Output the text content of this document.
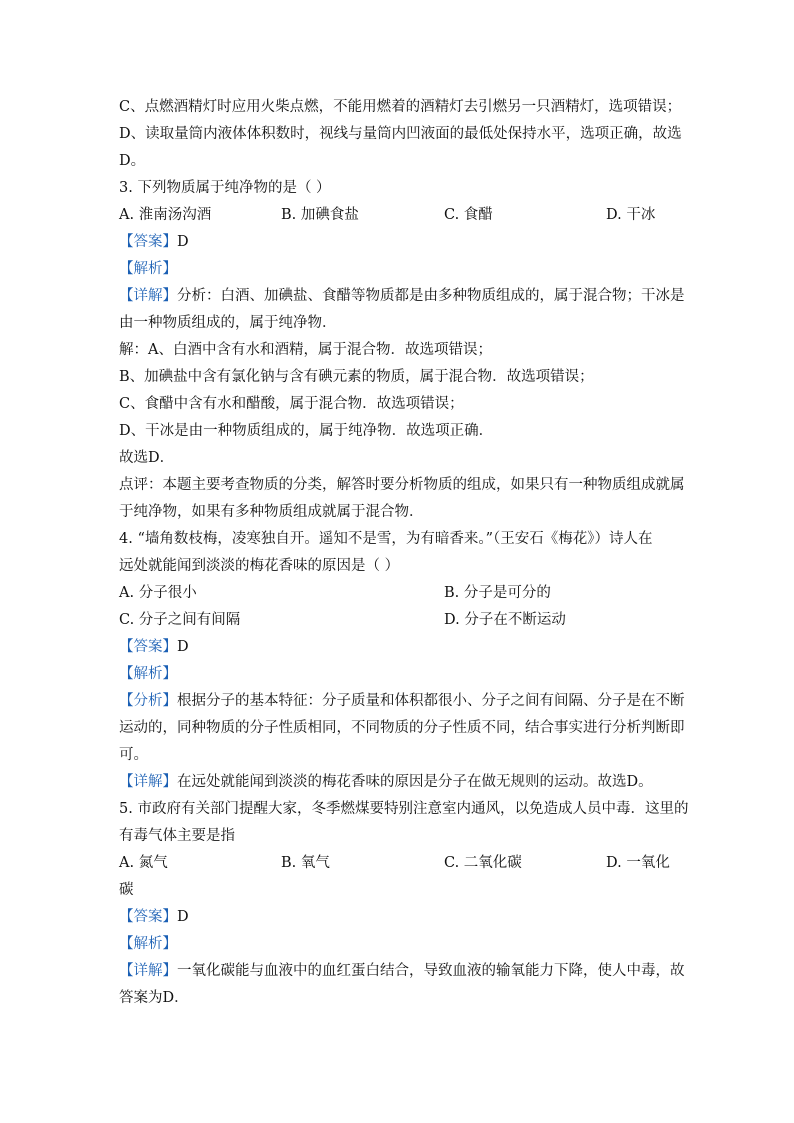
C、点燃酒精灯时应用火柴点燃，不能用燃着的酒精灯去引燃另一只酒精灯，选项错误；
D、读取量筒内液体体积数时，视线与量筒内凹液面的最低处保持水平，选项正确，故选
D。
3. 下列物质属于纯净物的是（ ）
A. 淮南汤沟酒	B. 加碘食盐	C. 食醋	D. 干冰
【答案】D
【解析】
【详解】分析：白酒、加碘盐、食醋等物质都是由多种物质组成的，属于混合物；干冰是
由一种物质组成的，属于纯净物．
解：A、白酒中含有水和酒精，属于混合物．故选项错误；
B、加碘盐中含有氯化钠与含有碘元素的物质，属于混合物．故选项错误；
C、食醋中含有水和醋酸，属于混合物．故选项错误；
D、干冰是由一种物质组成的，属于纯净物．故选项正确．
故选D．
点评：本题主要考查物质的分类，解答时要分析物质的组成，如果只有一种物质组成就属
于纯净物，如果有多种物质组成就属于混合物．
4. “墙角数枝梅，凌寒独自开。遥知不是雪，为有暗香来。”（王安石《梅花》）诗人在
远处就能闻到淡淡的梅花香味的原因是（ ）
A. 分子很小	B. 分子是可分的
C. 分子之间有间隔	D. 分子在不断运动
【答案】D
【解析】
【分析】根据分子的基本特征：分子质量和体积都很小、分子之间有间隔、分子是在不断
运动的，同种物质的分子性质相同，不同物质的分子性质不同，结合事实进行分析判断即
可。
【详解】在远处就能闻到淡淡的梅花香味的原因是分子在做无规则的运动。故选D。
5. 市政府有关部门提醒大家，冬季燃煤要特别注意室内通风，以免造成人员中毒．这里的
有毒气体主要是指
A. 氮气	B. 氧气	C. 二氧化碳	D. 一氧化
碳
【答案】D
【解析】
【详解】一氧化碳能与血液中的血红蛋白结合，导致血液的输氧能力下降，使人中毒，故
答案为D．
